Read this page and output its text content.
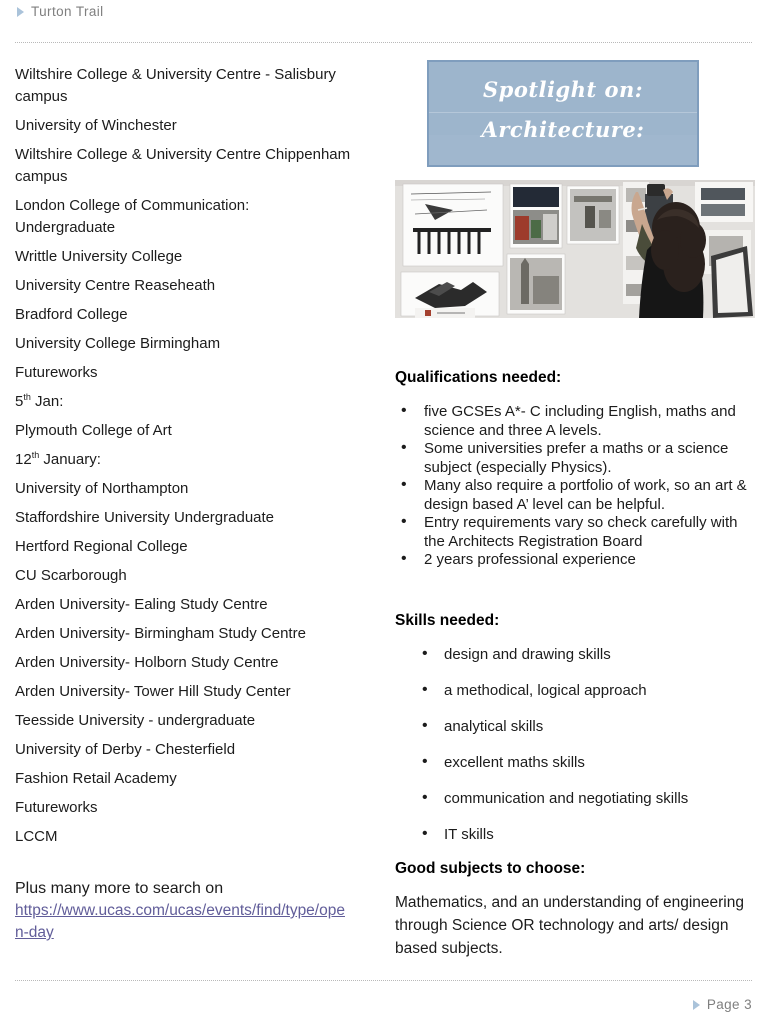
Turton Trail
Wiltshire College & University Centre - Salisbury campus
University of Winchester
Wiltshire College & University Centre Chippenham campus
London College of Communication: Undergraduate
Writtle University College
University Centre Reaseheath
Bradford College
University College Birmingham
Futureworks
5th Jan:
Plymouth College of Art
12th January:
University of Northampton
Staffordshire University Undergraduate
Hertford Regional College
CU Scarborough
Arden University- Ealing Study Centre
Arden University- Birmingham Study Centre
Arden University- Holborn Study Centre
Arden University- Tower Hill Study Center
Teesside University - undergraduate
University of Derby - Chesterfield
Fashion Retail Academy
Futureworks
LCCM
Plus many more to search on
https://www.ucas.com/ucas/events/find/type/open-day
Spotlight on:
Architecture:
Qualifications needed:
• five GCSEs A*- C including English, maths and science and three A levels.
• Some universities prefer a maths or a science subject (especially Physics).
• Many also require a portfolio of work, so an art & design based A’ level can be helpful.
• Entry requirements vary so check carefully with the Architects Registration Board
• 2 years professional experience
Skills needed:
• design and drawing skills
• a methodical, logical approach
• analytical skills
• excellent maths skills
• communication and negotiating skills
• IT skills
Good subjects to choose:

Mathematics, and an understanding of engineering through Science OR technology and arts/ design based subjects.

Page 3
